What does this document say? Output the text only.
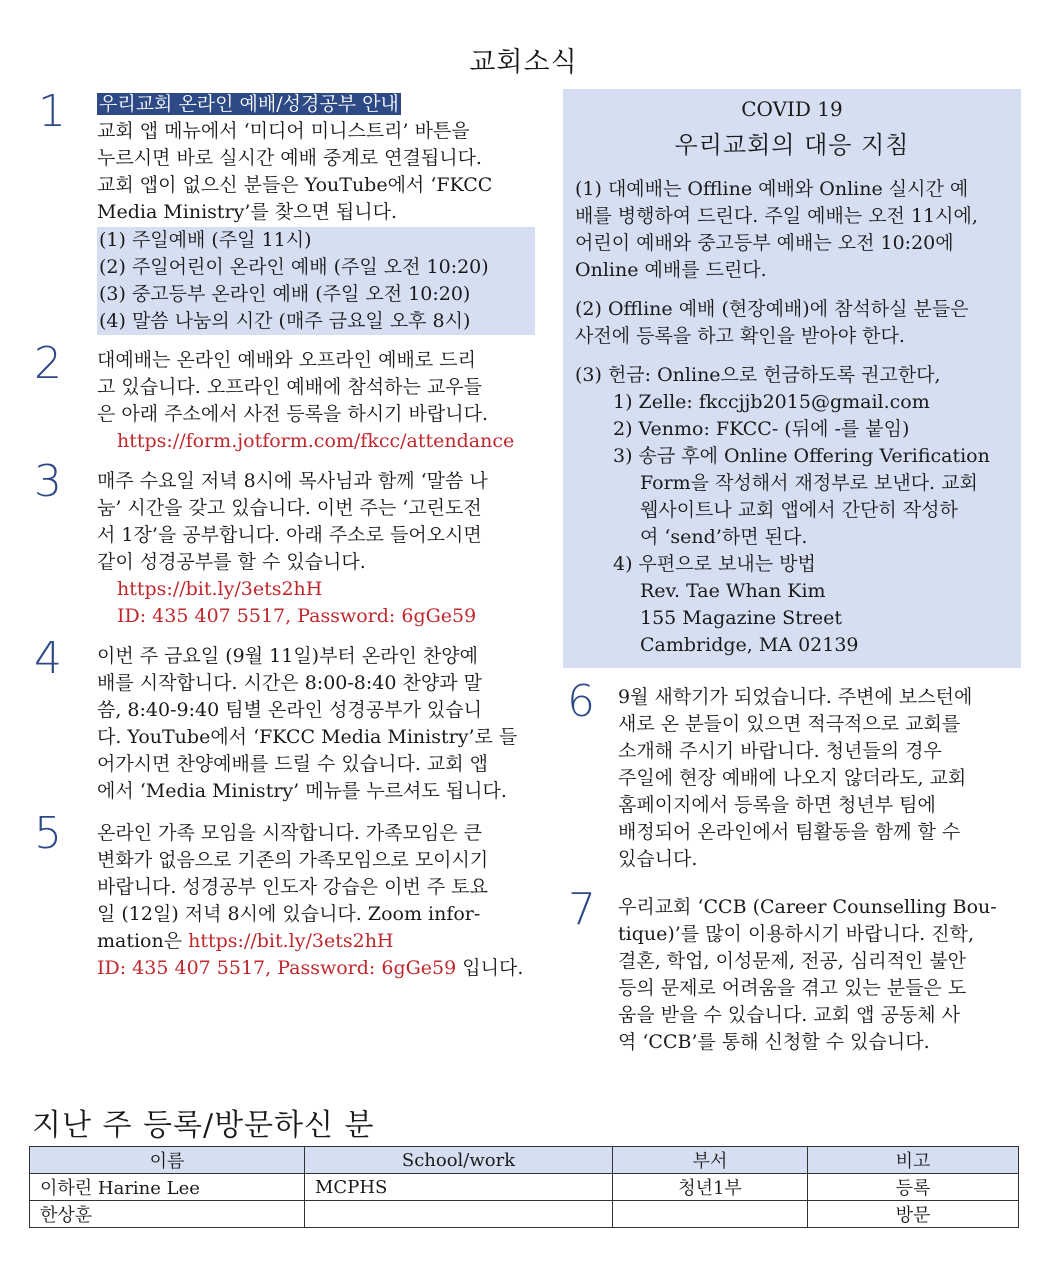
교회소식
1 우리교회 온라인 예배/성경공부 안내
교회 앱 메뉴에서 ‘미디어 미니스트리’ 바튼을
누르시면 바로 실시간 예배 중계로 연결됩니다.
교회 앱이 없으신 분들은 YouTube에서 ‘FKCC
Media Ministry’를 찾으면 됩니다.
(1) 주일예배 (주일 11시)
(2) 주일어린이 온라인 예배 (주일 오전 10:20)
(3) 중고등부 온라인 예배 (주일 오전 10:20)
(4) 말씀 나눔의 시간 (매주 금요일 오후 8시)
2 대예배는 온라인 예배와 오프라인 예배로 드리
고 있습니다. 오프라인 예배에 참석하는 교우들
은 아래 주소에서 사전 등록을 하시기 바랍니다.
https://form.jotform.com/fkcc/attendance
3 매주 수요일 저녁 8시에 목사님과 함께 ‘말씀 나
눔’ 시간을 갖고 있습니다. 이번 주는 ‘고린도전
서 1장’을 공부합니다. 아래 주소로 들어오시면
같이 성경공부를 할 수 있습니다.
https://bit.ly/3ets2hH
ID: 435 407 5517, Password: 6gGe59
4 이번 주 금요일 (9월 11일)부터 온라인 찬양예
배를 시작합니다. 시간은 8:00-8:40 찬양과 말
씀, 8:40-9:40 팀별 온라인 성경공부가 있습니
다. YouTube에서 ‘FKCC Media Ministry’로 들
어가시면 찬양예배를 드릴 수 있습니다. 교회 앱
에서 ‘Media Ministry’ 메뉴를 누르셔도 됩니다.
5 온라인 가족 모임을 시작합니다. 가족모임은 큰
변화가 없음으로 기존의 가족모임으로 모이시기
바랍니다. 성경공부 인도자 강습은 이번 주 토요
일 (12일) 저녁 8시에 있습니다. Zoom infor-
mation은 https://bit.ly/3ets2hH
ID: 435 407 5517, Password: 6gGe59 입니다.
COVID 19
우리교회의 대응 지침
(1) 대예배는 Offline 예배와 Online 실시간 예
배를 병행하여 드린다. 주일 예배는 오전 11시에,
어린이 예배와 중고등부 예배는 오전 10:20에
Online 예배를 드린다.
(2) Offline 예배 (현장예배)에 참석하실 분들은
사전에 등록을 하고 확인을 받아야 한다.
(3) 헌금: Online으로 헌금하도록 권고한다,
1) Zelle: fkccjjb2015@gmail.com
2) Venmo: FKCC- (뒤에 -를 붙임)
3) 송금 후에 Online Offering Verification
Form을 작성해서 재정부로 보낸다. 교회
웹사이트나 교회 앱에서 간단히 작성하
여 ‘send’하면 된다.
4) 우편으로 보내는 방법
Rev. Tae Whan Kim
155 Magazine Street
Cambridge, MA 02139
6 9월 새학기가 되었습니다. 주변에 보스턴에
새로 온 분들이 있으면 적극적으로 교회를
소개해 주시기 바랍니다. 청년들의 경우
주일에 현장 예배에 나오지 않더라도, 교회
홈페이지에서 등록을 하면 청년부 팀에
배정되어 온라인에서 팀활동을 함께 할 수
있습니다.
7 우리교회 ‘CCB (Career Counselling Bou-
tique)’를 많이 이용하시기 바랍니다. 진학,
결혼, 학업, 이성문제, 전공, 심리적인 불안
등의 문제로 어려움을 겪고 있는 분들은 도
움을 받을 수 있습니다. 교회 앱 공동체 사
역 ‘CCB’를 통해 신청할 수 있습니다.
지난 주 등록/방문하신 분
이름	School/work	부서	비고
이하린 Harine Lee	MCPHS	청년1부	등록
한상훈			방문
